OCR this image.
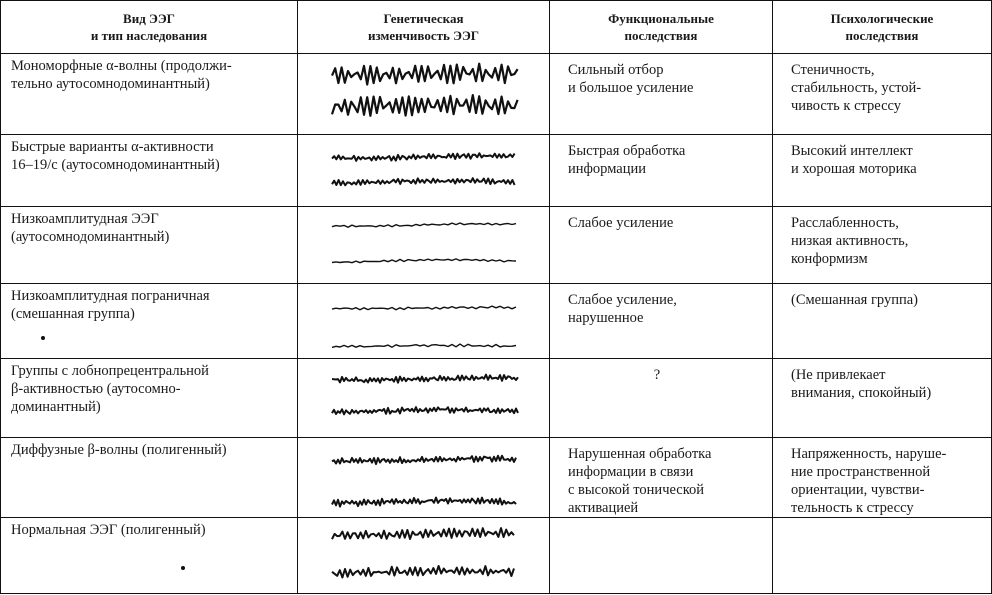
Вид ЭЭГ
и тип наследования	Генетическая
изменчивость ЭЭГ	Функциональные
последствия	Психологические
последствия

Мономорфные α-волны (продолжи-
тельно аутосомнодоминантный)		Сильный отбор
и большое усиление	Стеничность,
стабильность, устой-
чивость к стрессу

Быстрые варианты α-активности
16–19/с (аутосомнодоминантный)		Быстрая обработка
информации	Высокий интеллект
и хорошая моторика

Низкоамплитудная ЭЭГ
(аутосомнодоминантный)		Слабое усиление	Расслабленность,
низкая активность,
конформизм

Низкоамплитудная пограничная
(смешанная группа)		Слабое усиление,
нарушенное	(Смешанная группа)

Группы с лобнопрецентральной
β-активностью (аутосомно-
доминантный)		?	(Не привлекает
внимания, спокойный)

Диффузные β-волны (полигенный)		Нарушенная обработка
информации в связи
с высокой тонической
активацией	Напряженность, наруше-
ние пространственной
ориентации, чувстви-
тельность к стрессу

Нормальная ЭЭГ (полигенный)
